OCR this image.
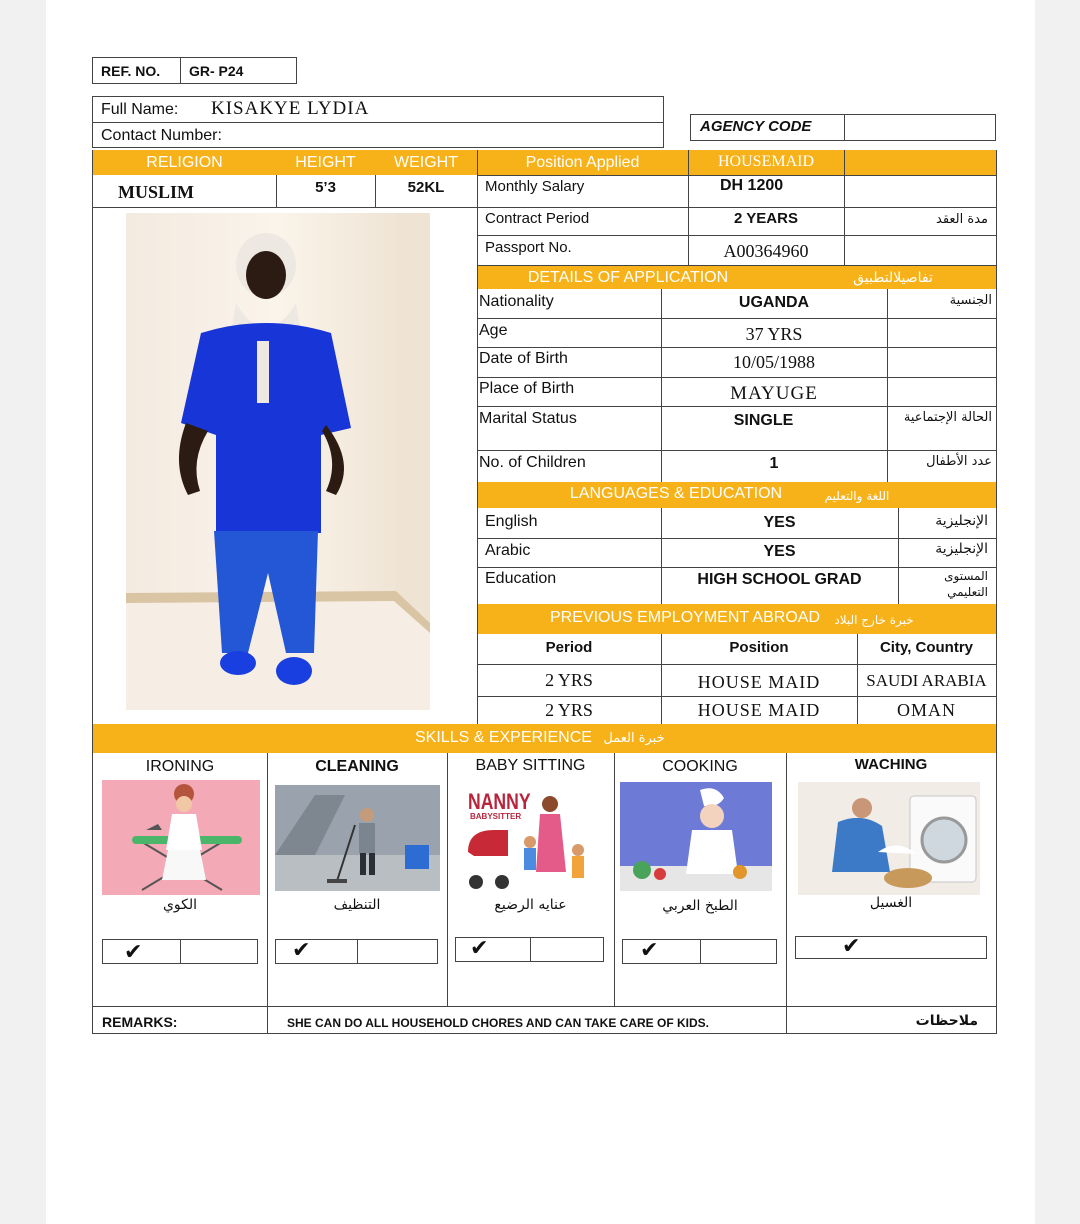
REF. NO. GR- P24
Full Name: KISAKYE LYDIA
Contact Number:
AGENCY CODE
RELIGION	HEIGHT	WEIGHT	Position Applied	HOUSEMAID
MUSLIM	5’3	52KL	Monthly Salary	DH 1200
Contract Period	2 YEARS	مدة العقد
Passport No.	A00364960
DETAILS OF APPLICATION	تفاصيلالتطبيق
Nationality	UGANDA	الجنسية
Age	37 YRS
Date of Birth	10/05/1988
Place of Birth	MAYUGE
Marital Status	SINGLE	الحالة الإجتماعية
No. of Children	1	عدد الأطفال
LANGUAGES & EDUCATION	اللغة والتعليم
English	YES	الإنجليزية
Arabic	YES	الإنجليزية
Education	HIGH SCHOOL GRAD	المستوى التعليمي
PREVIOUS EMPLOYMENT ABROAD	خبرة خارج البلاد
Period	Position	City, Country
2 YRS	HOUSE MAID	SAUDI ARABIA
2 YRS	HOUSE MAID	OMAN
SKILLS & EXPERIENCE خبرة العمل
IRONING	CLEANING	BABY SITTING	COOKING	WACHING
NANNY
BABYSITTER
الكوي	التنظيف	عنايه الرضيع	الطبخ العربي	الغسيل
✔	✔	✔	✔	✔
REMARKS:	SHE CAN DO ALL HOUSEHOLD CHORES AND CAN TAKE CARE OF KIDS.	ملاحظات
